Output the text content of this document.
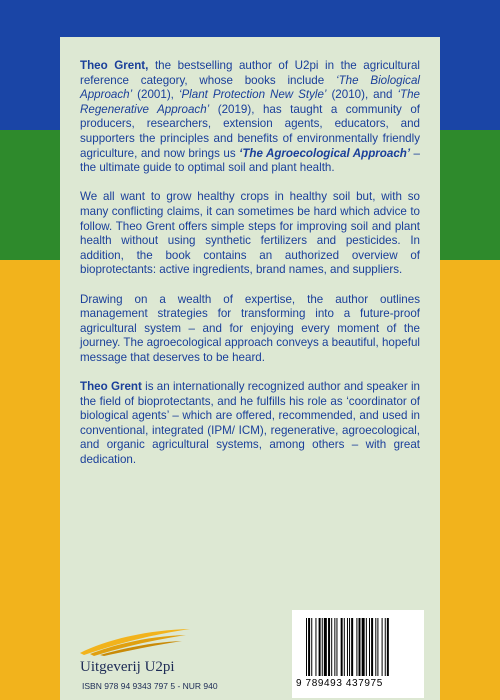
Theo Grent, the bestselling author of U2pi in the agricultural reference category, whose books include ‘The Biological Approach’ (2001), ‘Plant Protection New Style’ (2010), and ‘The Regenerative Approach’ (2019), has taught a community of producers, researchers, extension agents, educators, and supporters the principles and benefits of environmentally friendly agriculture, and now brings us ‘The Agroecological Approach’ – the ultimate guide to optimal soil and plant health.

We all want to grow healthy crops in healthy soil but, with so many conflicting claims, it can sometimes be hard which advice to follow. Theo Grent offers simple steps for improving soil and plant health without using synthetic fertilizers and pesticides. In addition, the book contains an authorized overview of bioprotectants: active ingredients, brand names, and suppliers.

Drawing on a wealth of expertise, the author outlines management strategies for transforming into a future-proof agricultural system – and for enjoying every moment of the journey. The agroecological approach conveys a beautiful, hopeful message that deserves to be heard.

Theo Grent is an internationally recognized author and speaker in the field of bioprotectants, and he fulfills his role as ‘coordinator of biological agents’ – which are offered, recommended, and used in conventional, integrated (IPM/ ICM), regenerative, agroecological, and organic agricultural systems, among others – with great dedication.

Uitgeverij U2pi
ISBN 978 94 9343 797 5 - NUR 940	9 789493 437975
